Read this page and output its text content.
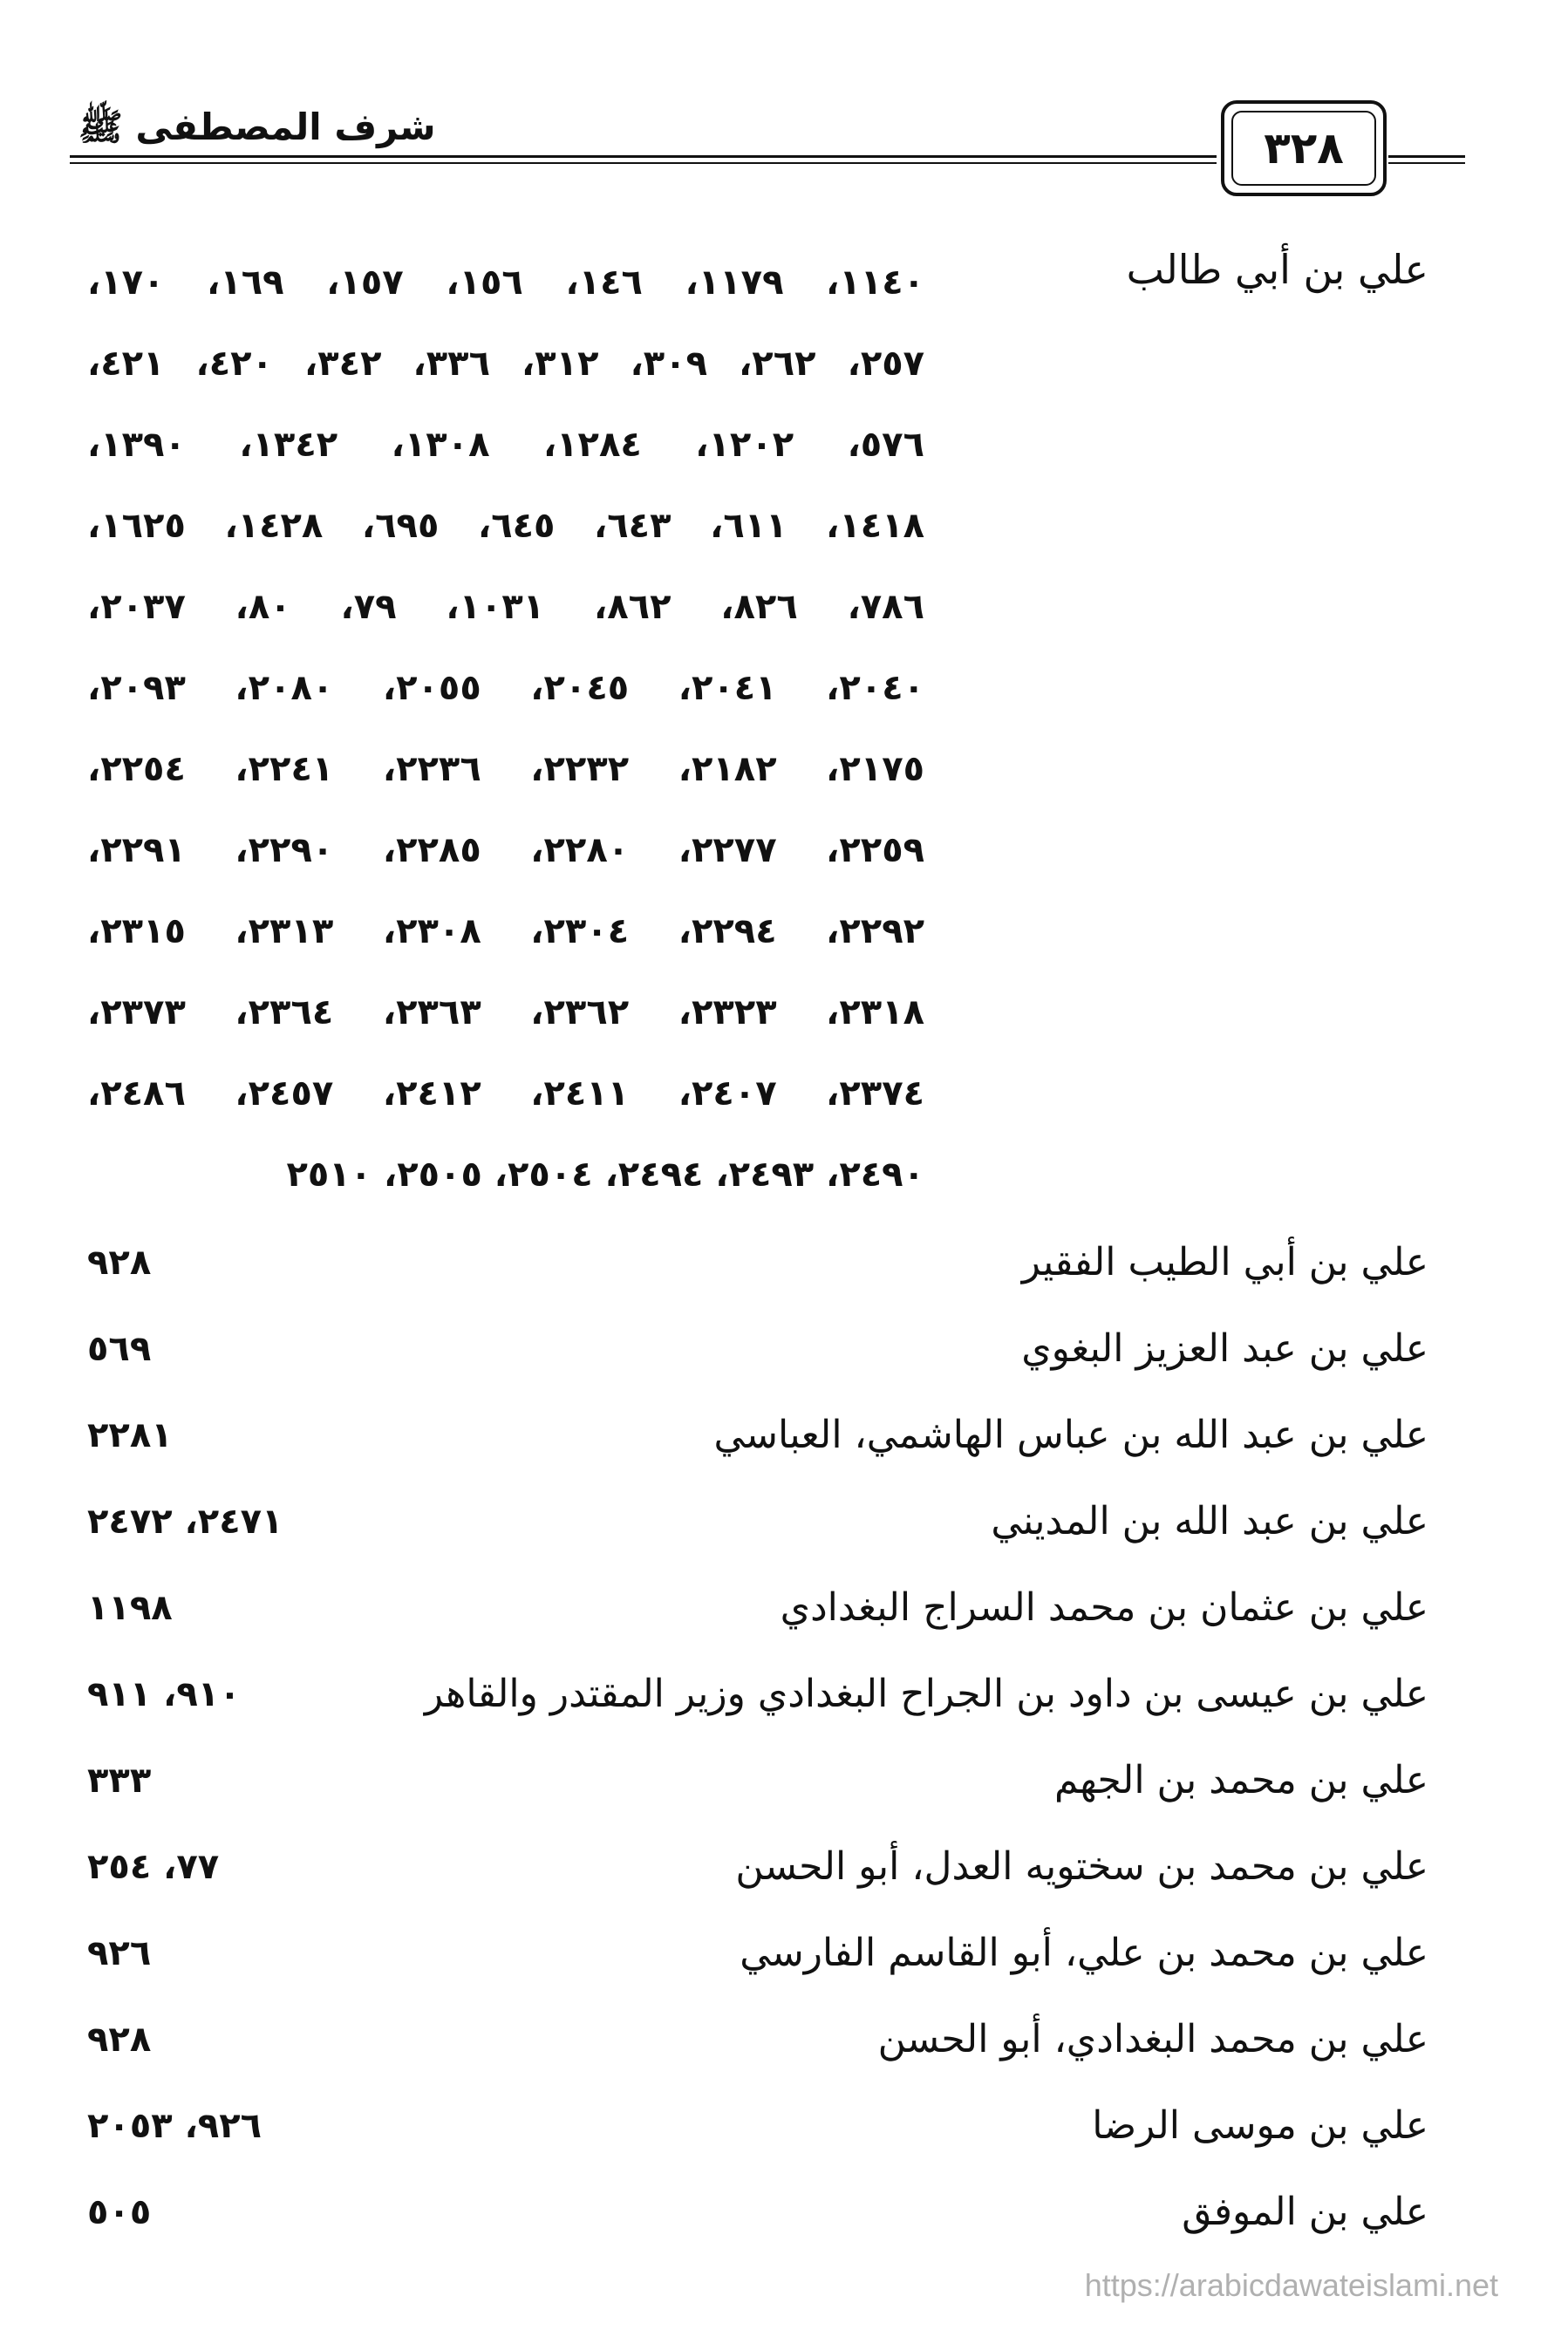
شرف المصطفى ﷺ	٣٢٨
علي بن أبي طالب
١١٤٠، ١١٧٩، ١٤٦، ١٥٦، ١٥٧، ١٦٩، ١٧٠،
٢٥٧، ٢٦٢، ٣٠٩، ٣١٢، ٣٣٦، ٣٤٢، ٤٢٠، ٤٢١،
٥٧٦، ١٢٠٢، ١٢٨٤، ١٣٠٨، ١٣٤٢، ١٣٩٠،
١٤١٨، ٦١١، ٦٤٣، ٦٤٥، ٦٩٥، ١٤٢٨، ١٦٢٥،
٧٨٦، ٨٢٦، ٨٦٢، ١٠٣١، ٧٩، ٨٠، ٢٠٣٧،
٢٠٤٠، ٢٠٤١، ٢٠٤٥، ٢٠٥٥، ٢٠٨٠، ٢٠٩٣،
٢١٧٥، ٢١٨٢، ٢٢٣٢، ٢٢٣٦، ٢٢٤١، ٢٢٥٤،
٢٢٥٩، ٢٢٧٧، ٢٢٨٠، ٢٢٨٥، ٢٢٩٠، ٢٢٩١،
٢٢٩٢، ٢٢٩٤، ٢٣٠٤، ٢٣٠٨، ٢٣١٣، ٢٣١٥،
٢٣١٨، ٢٣٢٣، ٢٣٦٢، ٢٣٦٣، ٢٣٦٤، ٢٣٧٣،
٢٣٧٤، ٢٤٠٧، ٢٤١١، ٢٤١٢، ٢٤٥٧، ٢٤٨٦،
٢٤٩٠، ٢٤٩٣، ٢٤٩٤، ٢٥٠٤، ٢٥٠٥، ٢٥١٠
علي بن أبي الطيب الفقير
٩٢٨
علي بن عبد العزيز البغوي
٥٦٩
علي بن عبد الله بن عباس الهاشمي، العباسي
٢٢٨١
علي بن عبد الله بن المديني
٢٤٧١، ٢٤٧٢
علي بن عثمان بن محمد السراج البغدادي
١١٩٨
علي بن عيسى بن داود بن الجراح البغدادي وزير المقتدر والقاهر
٩١٠، ٩١١
علي بن محمد بن الجهم
٣٣٣
علي بن محمد بن سختويه العدل، أبو الحسن
٧٧، ٢٥٤
علي بن محمد بن علي، أبو القاسم الفارسي
٩٢٦
علي بن محمد البغدادي، أبو الحسن
٩٢٨
علي بن موسى الرضا
٩٢٦، ٢٠٥٣
علي بن الموفق
٥٠٥
https://arabicdawateislami.net
